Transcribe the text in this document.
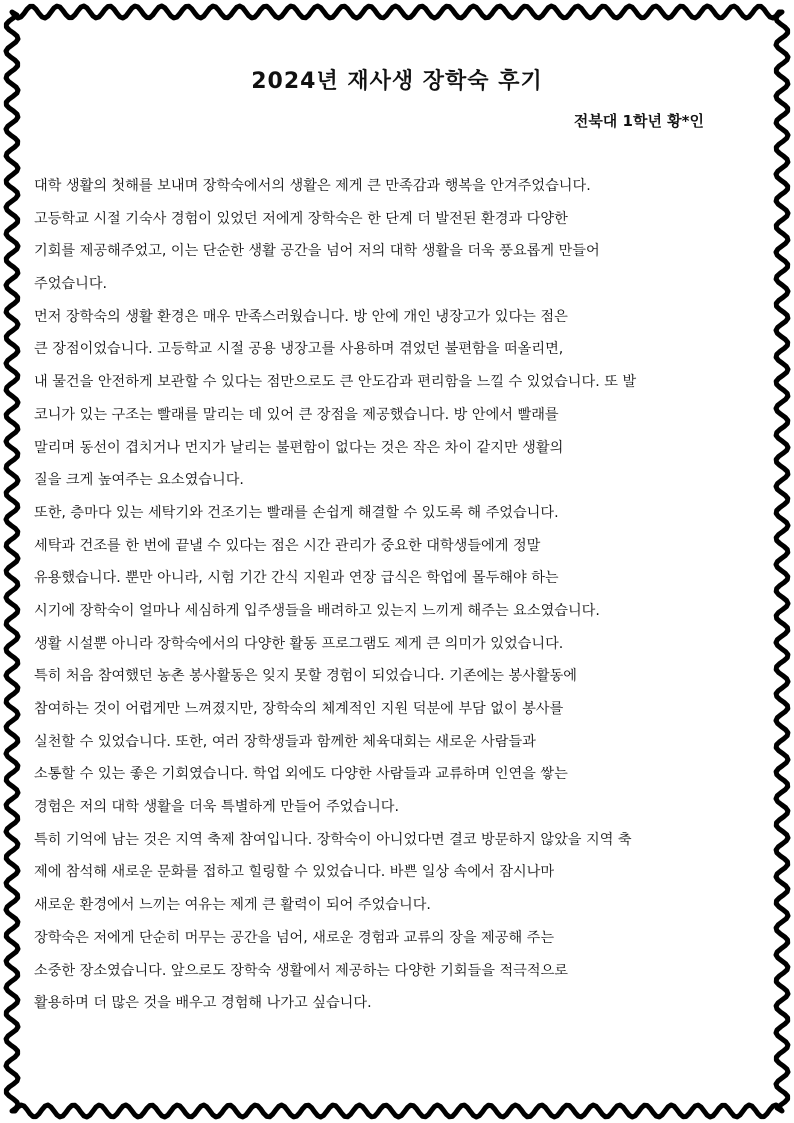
2024년 재사생 장학숙 후기
전북대 1학년 황*인
대학 생활의 첫해를 보내며 장학숙에서의 생활은 제게 큰 만족감과 행복을 안겨주었습니다.
고등학교 시절 기숙사 경험이 있었던 저에게 장학숙은 한 단계 더 발전된 환경과 다양한
기회를 제공해주었고, 이는 단순한 생활 공간을 넘어 저의 대학 생활을 더욱 풍요롭게 만들어
주었습니다.
먼저 장학숙의 생활 환경은 매우 만족스러웠습니다. 방 안에 개인 냉장고가 있다는 점은
큰 장점이었습니다. 고등학교 시절 공용 냉장고를 사용하며 겪었던 불편함을 떠올리면,
내 물건을 안전하게 보관할 수 있다는 점만으로도 큰 안도감과 편리함을 느낄 수 있었습니다. 또 발
코니가 있는 구조는 빨래를 말리는 데 있어 큰 장점을 제공했습니다. 방 안에서 빨래를
말리며 동선이 겹치거나 먼지가 날리는 불편함이 없다는 것은 작은 차이 같지만 생활의
질을 크게 높여주는 요소였습니다.
또한, 층마다 있는 세탁기와 건조기는 빨래를 손쉽게 해결할 수 있도록 해 주었습니다.
세탁과 건조를 한 번에 끝낼 수 있다는 점은 시간 관리가 중요한 대학생들에게 정말
유용했습니다. 뿐만 아니라, 시험 기간 간식 지원과 연장 급식은 학업에 몰두해야 하는
시기에 장학숙이 얼마나 세심하게 입주생들을 배려하고 있는지 느끼게 해주는 요소였습니다.
생활 시설뿐 아니라 장학숙에서의 다양한 활동 프로그램도 제게 큰 의미가 있었습니다.
특히 처음 참여했던 농촌 봉사활동은 잊지 못할 경험이 되었습니다. 기존에는 봉사활동에
참여하는 것이 어렵게만 느껴졌지만, 장학숙의 체계적인 지원 덕분에 부담 없이 봉사를
실천할 수 있었습니다. 또한, 여러 장학생들과 함께한 체육대회는 새로운 사람들과
소통할 수 있는 좋은 기회였습니다. 학업 외에도 다양한 사람들과 교류하며 인연을 쌓는
경험은 저의 대학 생활을 더욱 특별하게 만들어 주었습니다.
특히 기억에 남는 것은 지역 축제 참여입니다. 장학숙이 아니었다면 결코 방문하지 않았을 지역 축
제에 참석해 새로운 문화를 접하고 힐링할 수 있었습니다. 바쁜 일상 속에서 잠시나마
새로운 환경에서 느끼는 여유는 제게 큰 활력이 되어 주었습니다.
장학숙은 저에게 단순히 머무는 공간을 넘어, 새로운 경험과 교류의 장을 제공해 주는
소중한 장소였습니다. 앞으로도 장학숙 생활에서 제공하는 다양한 기회들을 적극적으로
활용하며 더 많은 것을 배우고 경험해 나가고 싶습니다.
